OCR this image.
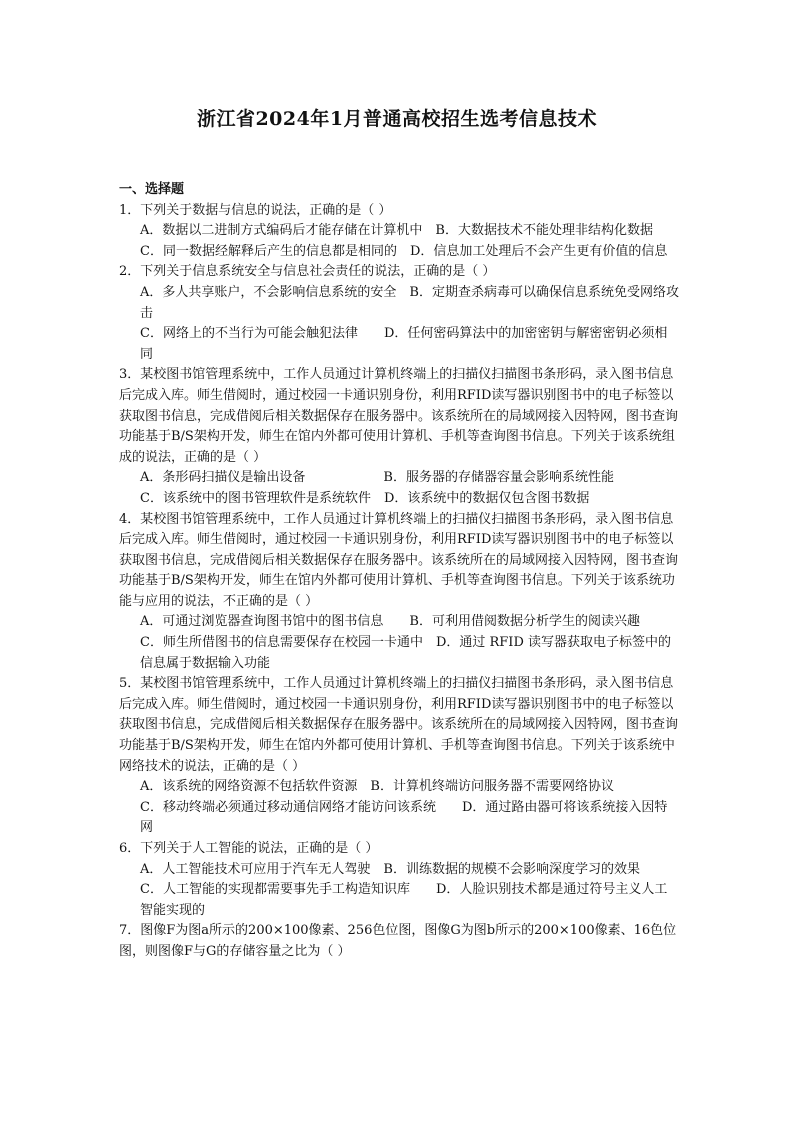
浙江省2024年1月普通高校招生选考信息技术
一、选择题

1．下列关于数据与信息的说法，正确的是（ ）

A．数据以二进制方式编码后才能存储在计算机中　B．大数据技术不能处理非结构化数据

C．同一数据经解释后产生的信息都是相同的　D．信息加工处理后不会产生更有价值的信息

2．下列关于信息系统安全与信息社会责任的说法，正确的是（ ）

A．多人共享账户，不会影响信息系统的安全　B．定期查杀病毒可以确保信息系统免受网络攻击

C．网络上的不当行为可能会触犯法律　　D．任何密码算法中的加密密钥与解密密钥必须相同

3．某校图书馆管理系统中，工作人员通过计算机终端上的扫描仪扫描图书条形码，录入图书信息后完成入库。师生借阅时，通过校园一卡通识别身份，利用RFID读写器识别图书中的电子标签以获取图书信息，完成借阅后相关数据保存在服务器中。该系统所在的局域网接入因特网，图书查询功能基于B/S架构开发，师生在馆内外都可使用计算机、手机等查询图书信息。下列关于该系统组成的说法，正确的是（ ）

A．条形码扫描仪是输出设备　　　　　　B．服务器的存储器容量会影响系统性能

C．该系统中的图书管理软件是系统软件　D．该系统中的数据仅包含图书数据

4．某校图书馆管理系统中，工作人员通过计算机终端上的扫描仪扫描图书条形码，录入图书信息后完成入库。师生借阅时，通过校园一卡通识别身份，利用RFID读写器识别图书中的电子标签以获取图书信息，完成借阅后相关数据保存在服务器中。该系统所在的局域网接入因特网，图书查询功能基于B/S架构开发，师生在馆内外都可使用计算机、手机等查询图书信息。下列关于该系统功能与应用的说法，不正确的是（ ）

A．可通过浏览器查询图书馆中的图书信息　　B．可利用借阅数据分析学生的阅读兴趣

C．师生所借图书的信息需要保存在校园一卡通中　D．通过 RFID 读写器获取电子标签中的信息属于数据输入功能

5．某校图书馆管理系统中，工作人员通过计算机终端上的扫描仪扫描图书条形码，录入图书信息后完成入库。师生借阅时，通过校园一卡通识别身份，利用RFID读写器识别图书中的电子标签以获取图书信息，完成借阅后相关数据保存在服务器中。该系统所在的局域网接入因特网，图书查询功能基于B/S架构开发，师生在馆内外都可使用计算机、手机等查询图书信息。下列关于该系统中网络技术的说法，正确的是（ ）

A．该系统的网络资源不包括软件资源　B．计算机终端访问服务器不需要网络协议

C．移动终端必须通过移动通信网络才能访问该系统　　D．通过路由器可将该系统接入因特网

6．下列关于人工智能的说法，正确的是（ ）

A．人工智能技术可应用于汽车无人驾驶　B．训练数据的规模不会影响深度学习的效果

C．人工智能的实现都需要事先手工构造知识库　　D．人脸识别技术都是通过符号主义人工智能实现的

7．图像F为图a所示的200×100像素、256色位图，图像G为图b所示的200×100像素、16色位图，则图像F与G的存储容量之比为（ ）
